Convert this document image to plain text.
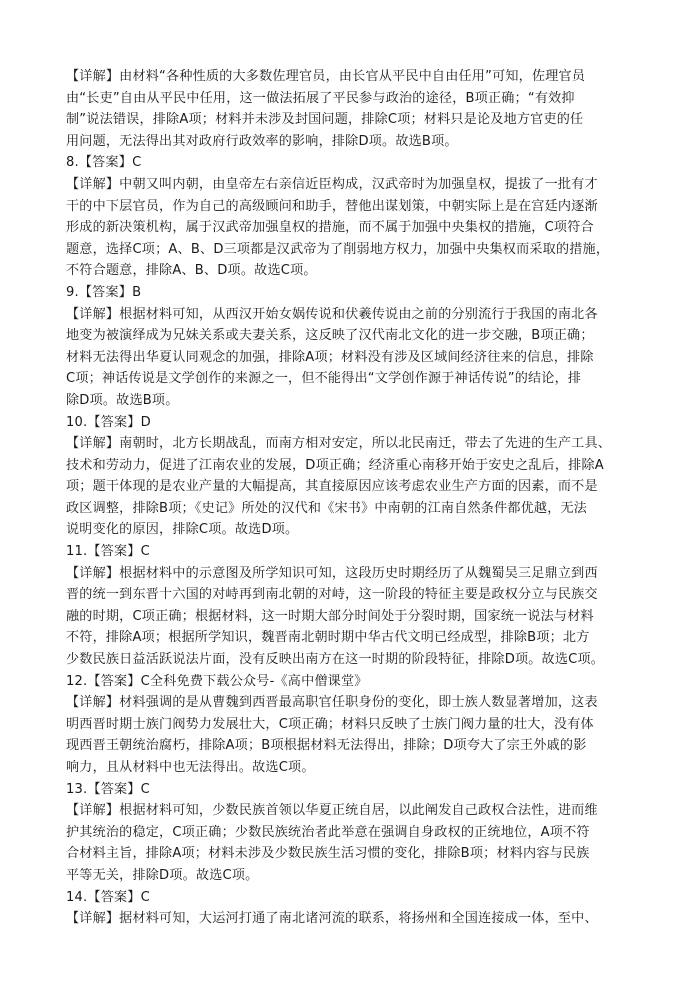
【详解】由材料“各种性质的大多数佐理官员，由长官从平民中自由任用”可知，佐理官员
由“长吏”自由从平民中任用，这一做法拓展了平民参与政治的途径，B项正确；“有效抑
制”说法错误，排除A项；材料并未涉及封国问题，排除C项；材料只是论及地方官吏的任
用问题，无法得出其对政府行政效率的影响，排除D项。故选B项。
8.【答案】C
【详解】中朝又叫内朝，由皇帝左右亲信近臣构成，汉武帝时为加强皇权，提拔了一批有才
干的中下层官员，作为自己的高级顾问和助手，替他出谋划策，中朝实际上是在宫廷内逐渐
形成的新决策机构，属于汉武帝加强皇权的措施，而不属于加强中央集权的措施，C项符合
题意，选择C项；A、B、D三项都是汉武帝为了削弱地方权力，加强中央集权而采取的措施，
不符合题意，排除A、B、D项。故选C项。
9.【答案】B
【详解】根据材料可知，从西汉开始女娲传说和伏羲传说由之前的分别流行于我国的南北各
地变为被演绎成为兄妹关系或夫妻关系，这反映了汉代南北文化的进一步交融，B项正确；
材料无法得出华夏认同观念的加强，排除A项；材料没有涉及区域间经济往来的信息，排除
C项；神话传说是文学创作的来源之一，但不能得出“文学创作源于神话传说”的结论，排
除D项。故选B项。
10.【答案】D
【详解】南朝时，北方长期战乱，而南方相对安定，所以北民南迁，带去了先进的生产工具、
技术和劳动力，促进了江南农业的发展，D项正确；经济重心南移开始于安史之乱后，排除A
项；题干体现的是农业产量的大幅提高，其直接原因应该考虑农业生产方面的因素，而不是
政区调整，排除B项；《史记》所处的汉代和《宋书》中南朝的江南自然条件都优越，无法
说明变化的原因，排除C项。故选D项。
11.【答案】C
【详解】根据材料中的示意图及所学知识可知，这段历史时期经历了从魏蜀吴三足鼎立到西
晋的统一到东晋十六国的对峙再到南北朝的对峙，这一阶段的特征主要是政权分立与民族交
融的时期，C项正确；根据材料，这一时期大部分时间处于分裂时期，国家统一说法与材料
不符，排除A项；根据所学知识，魏晋南北朝时期中华古代文明已经成型，排除B项；北方
少数民族日益活跃说法片面，没有反映出南方在这一时期的阶段特征，排除D项。故选C项。
12.【答案】C全科免费下载公众号-《高中僧课堂》
【详解】材料强调的是从曹魏到西晋最高职官任职身份的变化，即士族人数显著增加，这表
明西晋时期士族门阀势力发展壮大，C项正确；材料只反映了士族门阀力量的壮大，没有体
现西晋王朝统治腐朽，排除A项；B项根据材料无法得出，排除；D项夸大了宗王外戚的影
响力，且从材料中也无法得出。故选C项。
13.【答案】C
【详解】根据材料可知，少数民族首领以华夏正统自居，以此阐发自己政权合法性，进而维
护其统治的稳定，C项正确；少数民族统治者此举意在强调自身政权的正统地位，A项不符
合材料主旨，排除A项；材料未涉及少数民族生活习惯的变化，排除B项；材料内容与民族
平等无关，排除D项。故选C项。
14.【答案】C
【详解】据材料可知，大运河打通了南北诸河流的联系，将扬州和全国连接成一体，至中、
